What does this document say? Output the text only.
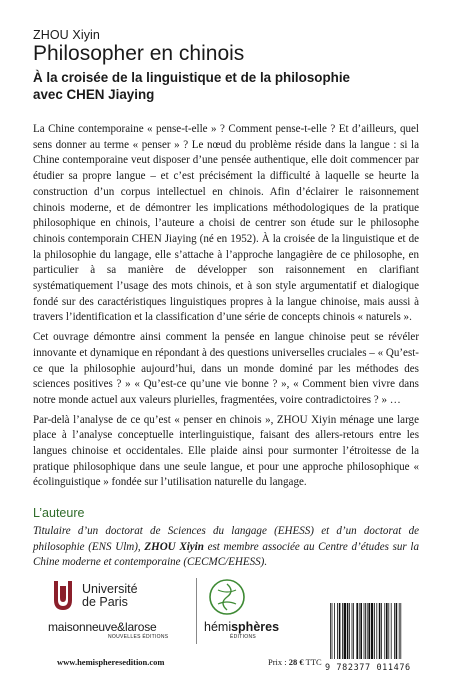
ZHOU Xiyin
Philosopher en chinois
À la croisée de la linguistique et de la philosophie
avec CHEN Jiaying

La Chine contemporaine « pense-t-elle » ? Comment pense-t-elle ? Et d’ailleurs, quel sens donner au terme « penser » ? Le nœud du problème réside dans la langue : si la Chine contemporaine veut disposer d’une pensée authentique, elle doit commencer par étudier sa propre langue – et c’est précisément la difficulté à laquelle se heurte la construction d’un corpus intellectuel en chinois. Afin d’éclairer le raisonnement chinois moderne, et de démontrer les implications méthodologiques de la pratique philosophique en chinois, l’auteure a choisi de centrer son étude sur le philosophe chinois contemporain CHEN Jiaying (né en 1952). À la croisée de la linguistique et de la philosophie du langage, elle s’attache à l’approche langagière de ce philosophe, en particulier à sa manière de développer son raisonnement en clarifiant systématiquement l’usage des mots chinois, et à son style argumentatif et dialogique fondé sur des caractéristiques linguistiques propres à la langue chinoise, mais aussi à travers l’identification et la classification d’une série de concepts chinois « naturels ».

Cet ouvrage démontre ainsi comment la pensée en langue chinoise peut se révéler innovante et dynamique en répondant à des questions universelles cruciales – « Qu’est-ce que la philosophie aujourd’hui, dans un monde dominé par les méthodes des sciences positives ? » « Qu’est-ce qu’une vie bonne ? », « Comment bien vivre dans notre monde actuel aux valeurs plurielles, fragmentées, voire contradictoires ? » …

Par-delà l’analyse de ce qu’est « penser en chinois », ZHOU Xiyin ménage une large place à l’analyse conceptuelle interlinguistique, faisant des allers-retours entre les langues chinoise et occidentales. Elle plaide ainsi pour surmonter l’étroitesse de la pratique philosophique dans une seule langue, et pour une approche philosophique « écolinguistique » fondée sur l’utilisation naturelle du langage.

L’auteure
Titulaire d’un doctorat de Sciences du langage (EHESS) et d’un doctorat de philosophie (ENS Ulm), ZHOU Xiyin est membre associée au Centre d’études sur la Chine moderne et contemporaine (CECMC/EHESS).
Université
de Paris
maisonneuve&larose
NOUVELLES ÉDITIONS
hémisphères
ÉDITIONS
www.hemispheresedition.com	Prix : 28 € TTC
9 782377 011476
